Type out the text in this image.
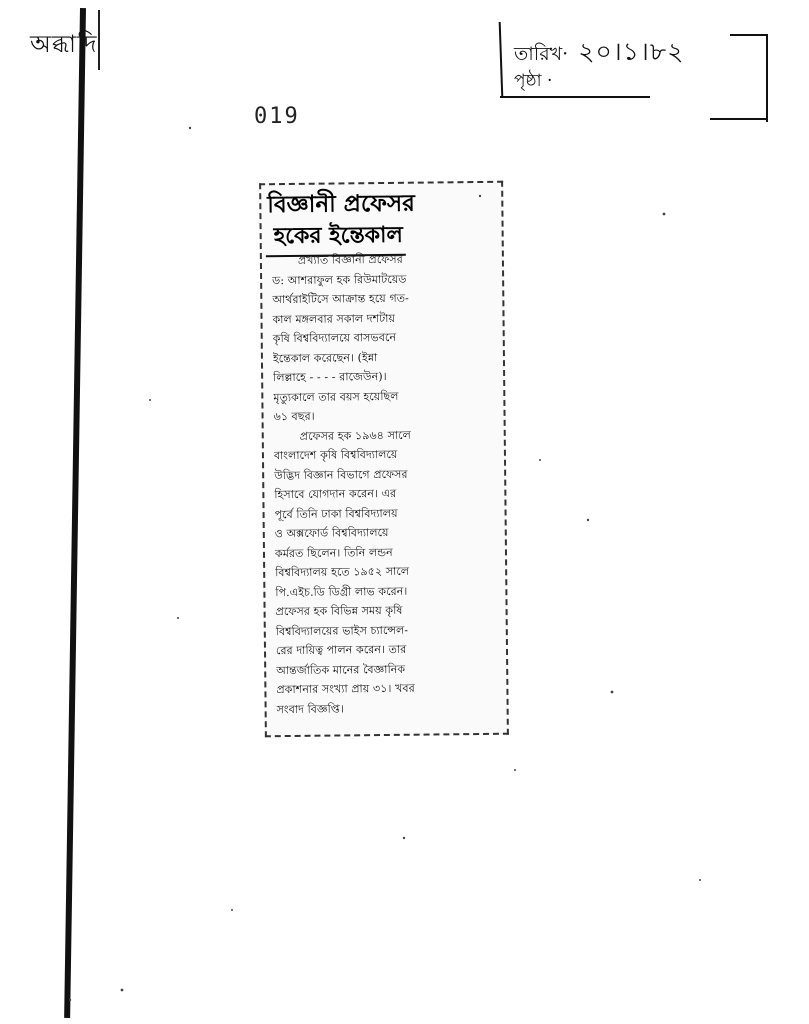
অব্ধাদি
019
তারিখ· ২০।১।৮২
পৃষ্ঠা ·
বিজ্ঞানী প্রফেসর
হকের ইন্তেকাল
প্রখ্যাত বিজ্ঞানী প্রফেসর
ড: আশরাফুল হক রিউমাটয়েড
আর্থরাইটিসে আক্রান্ত হয়ে গত-
কাল মঙ্গলবার সকাল দশটায়
কৃষি বিশ্ববিদ্যালয়ে বাসভবনে
ইন্তেকাল করেছেন। (ইন্না
লিল্লাহে - - - - রাজেউন)।
মৃত্যুকালে তার বয়স হয়েছিল
৬১ বছর।
প্রফেসর হক ১৯৬৪ সালে
বাংলাদেশ কৃষি বিশ্ববিদ্যালয়ে
উদ্ভিদ বিজ্ঞান বিভাগে প্রফেসর
হিসাবে যোগদান করেন। এর
পূর্বে তিনি ঢাকা বিশ্ববিদ্যালয়
ও অক্সফোর্ড বিশ্ববিদ্যালয়ে
কর্মরত ছিলেন। তিনি লন্ডন
বিশ্ববিদ্যালয় হতে ১৯৫২ সালে
পি.এইচ.ডি ডিগ্রী লাভ করেন।
প্রফেসর হক বিভিন্ন সময় কৃষি
বিশ্ববিদ্যালয়ের ভাইস চ্যান্সেল-
রের দায়িত্ব পালন করেন। তার
আন্তর্জাতিক মানের বৈজ্ঞানিক
প্রকাশনার সংখ্যা প্রায় ৩১। খবর
সংবাদ বিজ্ঞপ্তি।
